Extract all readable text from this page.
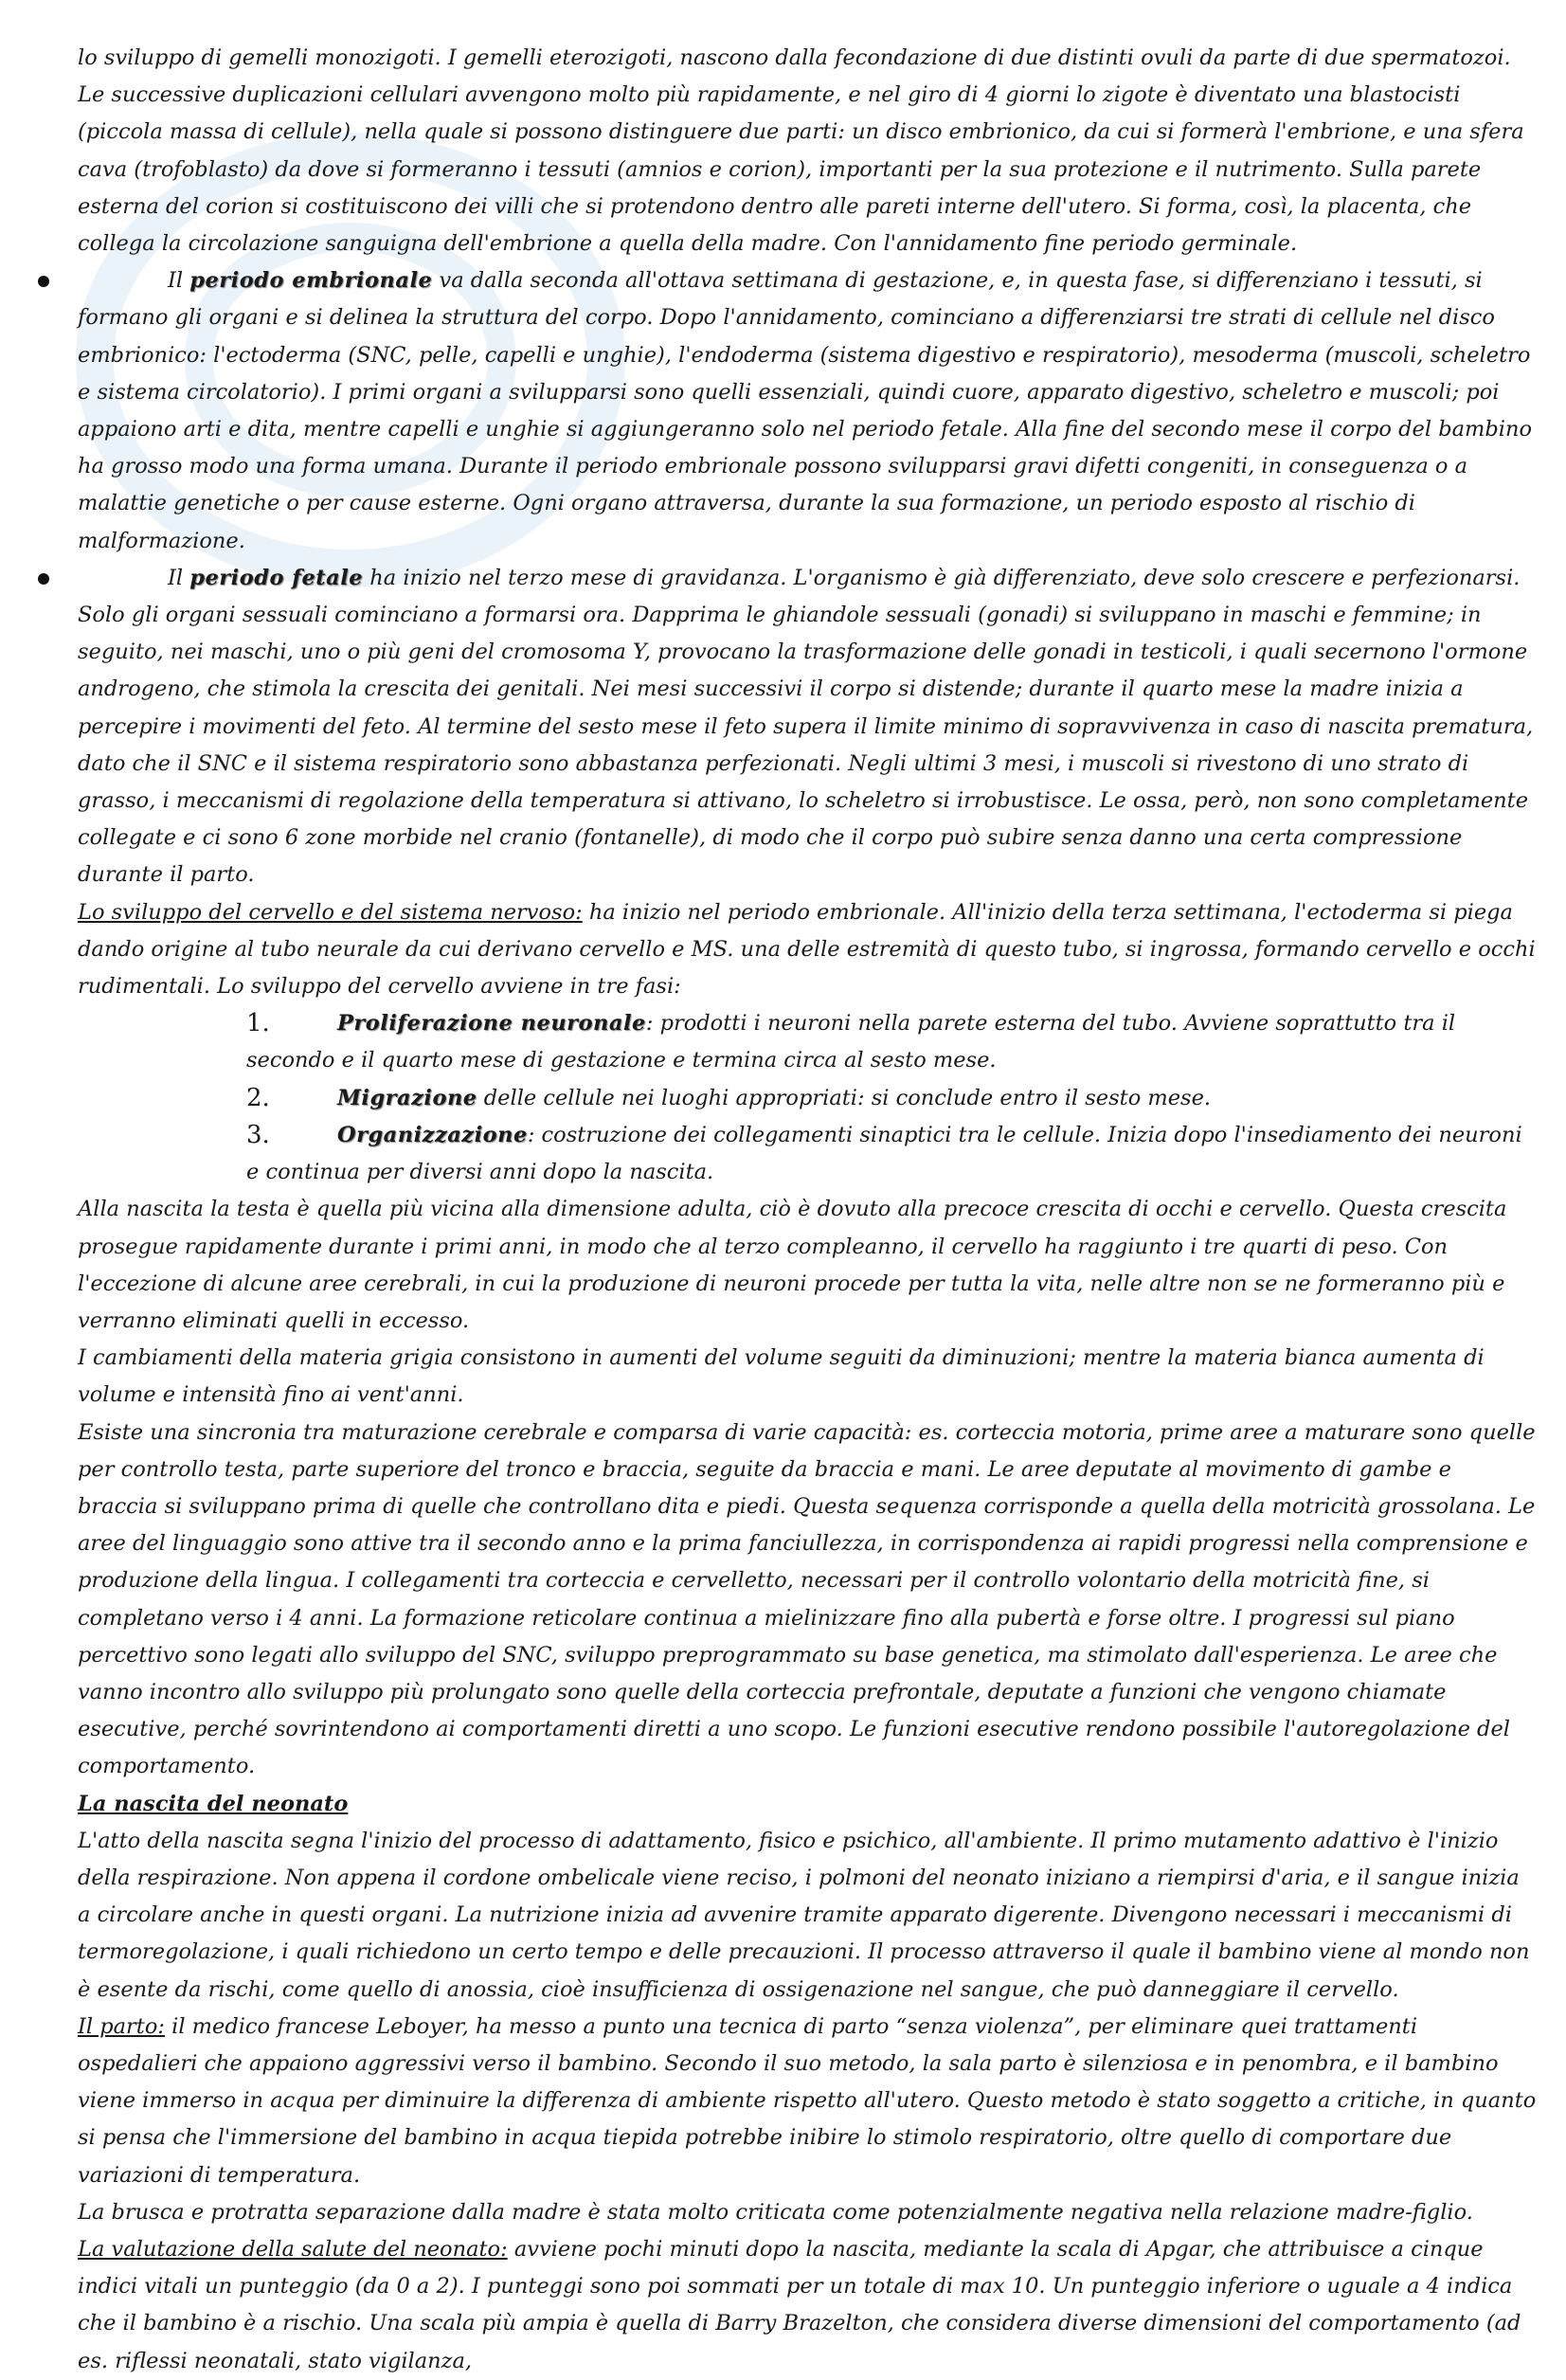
lo sviluppo di gemelli monozigoti. I gemelli eterozigoti, nascono dalla fecondazione di due distinti ovuli da parte di due spermatozoi. Le successive duplicazioni cellulari avvengono molto più rapidamente, e nel giro di 4 giorni lo zigote è diventato una blastocisti (piccola massa di cellule), nella quale si possono distinguere due parti: un disco embrionico, da cui si formerà l'embrione, e una sfera cava (trofoblasto) da dove si formeranno i tessuti (amnios e corion), importanti per la sua protezione e il nutrimento. Sulla parete esterna del corion si costituiscono dei villi che si protendono dentro alle pareti interne dell'utero. Si forma, così, la placenta, che collega la circolazione sanguigna dell'embrione a quella della madre. Con l'annidamento fine periodo germinale.

Il periodo embrionale va dalla seconda all'ottava settimana di gestazione, e, in questa fase, si differenziano i tessuti, si formano gli organi e si delinea la struttura del corpo. Dopo l'annidamento, cominciano a differenziarsi tre strati di cellule nel disco embrionico: l'ectoderma (SNC, pelle, capelli e unghie), l'endoderma (sistema digestivo e respiratorio), mesoderma (muscoli, scheletro e sistema circolatorio). I primi organi a svilupparsi sono quelli essenziali, quindi cuore, apparato digestivo, scheletro e muscoli; poi appaiono arti e dita, mentre capelli e unghie si aggiungeranno solo nel periodo fetale. Alla fine del secondo mese il corpo del bambino ha grosso modo una forma umana. Durante il periodo embrionale possono svilupparsi gravi difetti congeniti, in conseguenza o a malattie genetiche o per cause esterne. Ogni organo attraversa, durante la sua formazione, un periodo esposto al rischio di malformazione.

Il periodo fetale ha inizio nel terzo mese di gravidanza. L'organismo è già differenziato, deve solo crescere e perfezionarsi. Solo gli organi sessuali cominciano a formarsi ora. Dapprima le ghiandole sessuali (gonadi) si sviluppano in maschi e femmine; in seguito, nei maschi, uno o più geni del cromosoma Y, provocano la trasformazione delle gonadi in testicoli, i quali secernono l'ormone androgeno, che stimola la crescita dei genitali. Nei mesi successivi il corpo si distende; durante il quarto mese la madre inizia a percepire i movimenti del feto. Al termine del sesto mese il feto supera il limite minimo di sopravvivenza in caso di nascita prematura, dato che il SNC e il sistema respiratorio sono abbastanza perfezionati. Negli ultimi 3 mesi, i muscoli si rivestono di uno strato di grasso, i meccanismi di regolazione della temperatura si attivano, lo scheletro si irrobustisce. Le ossa, però, non sono completamente collegate e ci sono 6 zone morbide nel cranio (fontanelle), di modo che il corpo può subire senza danno una certa compressione durante il parto.

Lo sviluppo del cervello e del sistema nervoso: ha inizio nel periodo embrionale. All'inizio della terza settimana, l'ectoderma si piega dando origine al tubo neurale da cui derivano cervello e MS. una delle estremità di questo tubo, si ingrossa, formando cervello e occhi rudimentali. Lo sviluppo del cervello avviene in tre fasi:

1.	Proliferazione neuronale: prodotti i neuroni nella parete esterna del tubo. Avviene soprattutto tra il secondo e il quarto mese di gestazione e termina circa al sesto mese.

2.	Migrazione delle cellule nei luoghi appropriati: si conclude entro il sesto mese.

3.	Organizzazione: costruzione dei collegamenti sinaptici tra le cellule. Inizia dopo l'insediamento dei neuroni e continua per diversi anni dopo la nascita.

Alla nascita la testa è quella più vicina alla dimensione adulta, ciò è dovuto alla precoce crescita di occhi e cervello. Questa crescita prosegue rapidamente durante i primi anni, in modo che al terzo compleanno, il cervello ha raggiunto i tre quarti di peso. Con l'eccezione di alcune aree cerebrali, in cui la produzione di neuroni procede per tutta la vita, nelle altre non se ne formeranno più e verranno eliminati quelli in eccesso.

I cambiamenti della materia grigia consistono in aumenti del volume seguiti da diminuzioni; mentre la materia bianca aumenta di volume e intensità fino ai vent'anni.

Esiste una sincronia tra maturazione cerebrale e comparsa di varie capacità: es. corteccia motoria, prime aree a maturare sono quelle per controllo testa, parte superiore del tronco e braccia, seguite da braccia e mani. Le aree deputate al movimento di gambe e braccia si sviluppano prima di quelle che controllano dita e piedi. Questa sequenza corrisponde a quella della motricità grossolana. Le aree del linguaggio sono attive tra il secondo anno e la prima fanciullezza, in corrispondenza ai rapidi progressi nella comprensione e produzione della lingua. I collegamenti tra corteccia e cervelletto, necessari per il controllo volontario della motricità fine, si completano verso i 4 anni. La formazione reticolare continua a mielinizzare fino alla pubertà e forse oltre. I progressi sul piano percettivo sono legati allo sviluppo del SNC, sviluppo preprogrammato su base genetica, ma stimolato dall'esperienza. Le aree che vanno incontro allo sviluppo più prolungato sono quelle della corteccia prefrontale, deputate a funzioni che vengono chiamate esecutive, perché sovrintendono ai comportamenti diretti a uno scopo. Le funzioni esecutive rendono possibile l'autoregolazione del comportamento.

La nascita del neonato

L'atto della nascita segna l'inizio del processo di adattamento, fisico e psichico, all'ambiente. Il primo mutamento adattivo è l'inizio della respirazione. Non appena il cordone ombelicale viene reciso, i polmoni del neonato iniziano a riempirsi d'aria, e il sangue inizia a circolare anche in questi organi. La nutrizione inizia ad avvenire tramite apparato digerente. Divengono necessari i meccanismi di termoregolazione, i quali richiedono un certo tempo e delle precauzioni. Il processo attraverso il quale il bambino viene al mondo non è esente da rischi, come quello di anossia, cioè insufficienza di ossigenazione nel sangue, che può danneggiare il cervello.

Il parto: il medico francese Leboyer, ha messo a punto una tecnica di parto “senza violenza”, per eliminare quei trattamenti ospedalieri che appaiono aggressivi verso il bambino. Secondo il suo metodo, la sala parto è silenziosa e in penombra, e il bambino viene immerso in acqua per diminuire la differenza di ambiente rispetto all'utero. Questo metodo è stato soggetto a critiche, in quanto si pensa che l'immersione del bambino in acqua tiepida potrebbe inibire lo stimolo respiratorio, oltre quello di comportare due variazioni di temperatura.

La brusca e protratta separazione dalla madre è stata molto criticata come potenzialmente negativa nella relazione madre-figlio.

La valutazione della salute del neonato: avviene pochi minuti dopo la nascita, mediante la scala di Apgar, che attribuisce a cinque indici vitali un punteggio (da 0 a 2). I punteggi sono poi sommati per un totale di max 10. Un punteggio inferiore o uguale a 4 indica che il bambino è a rischio. Una scala più ampia è quella di Barry Brazelton, che considera diverse dimensioni del comportamento (ad es. riflessi neonatali, stato vigilanza,
